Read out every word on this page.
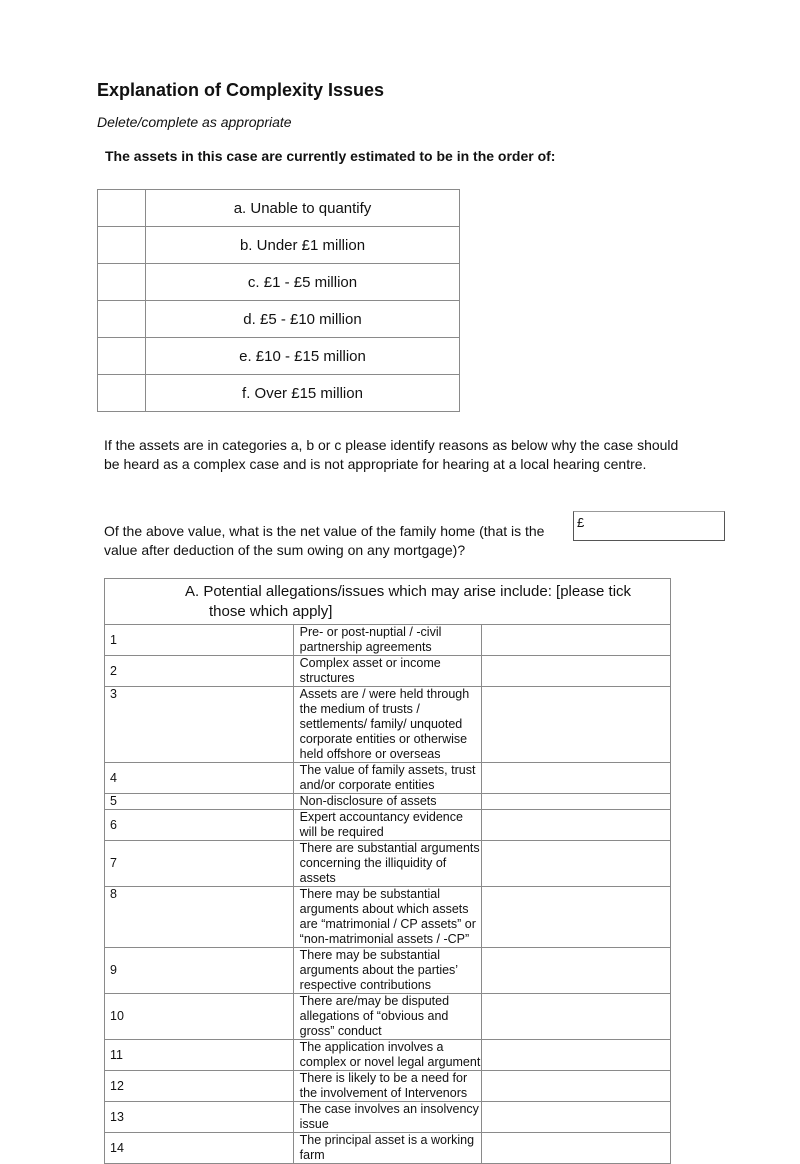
Explanation of Complexity Issues
Delete/complete as appropriate
The assets in this case are currently estimated to be in the order of:
	a. Unable to quantify
	b. Under £1 million
	c. £1 - £5 million
	d. £5 - £10 million
	e. £10 - £15 million
	f. Over £15 million
If the assets are in categories a, b or c please identify reasons as below why the case should be heard as a complex case and is not appropriate for hearing at a local hearing centre.
Of the above value, what is the net value of the family home (that is the value after deduction of the sum owing on any mortgage)?
£
A. Potential allegations/issues which may arise include: [please tick
those which apply]		

1	Pre- or post-nuptial / -civil partnership agreements	
2	Complex asset or income structures	
3	Assets are / were held through the medium of trusts / settlements/ family/ unquoted corporate entities or otherwise held offshore or overseas	
4	The value of family assets, trust and/or corporate entities	
5	Non-disclosure of assets	
6	Expert accountancy evidence will be required	
7	There are substantial arguments concerning the illiquidity of assets	
8	There may be substantial arguments about which assets are “matrimonial / CP assets” or “non-matrimonial assets / -CP”	
9	There may be substantial arguments about the parties’ respective contributions	
10	There are/may be disputed allegations of “obvious and gross” conduct	
11	The application involves a complex or novel legal argument	
12	There is likely to be a need for the involvement of Intervenors	
13	The case involves an insolvency issue	
14	The principal asset is a working farm	
